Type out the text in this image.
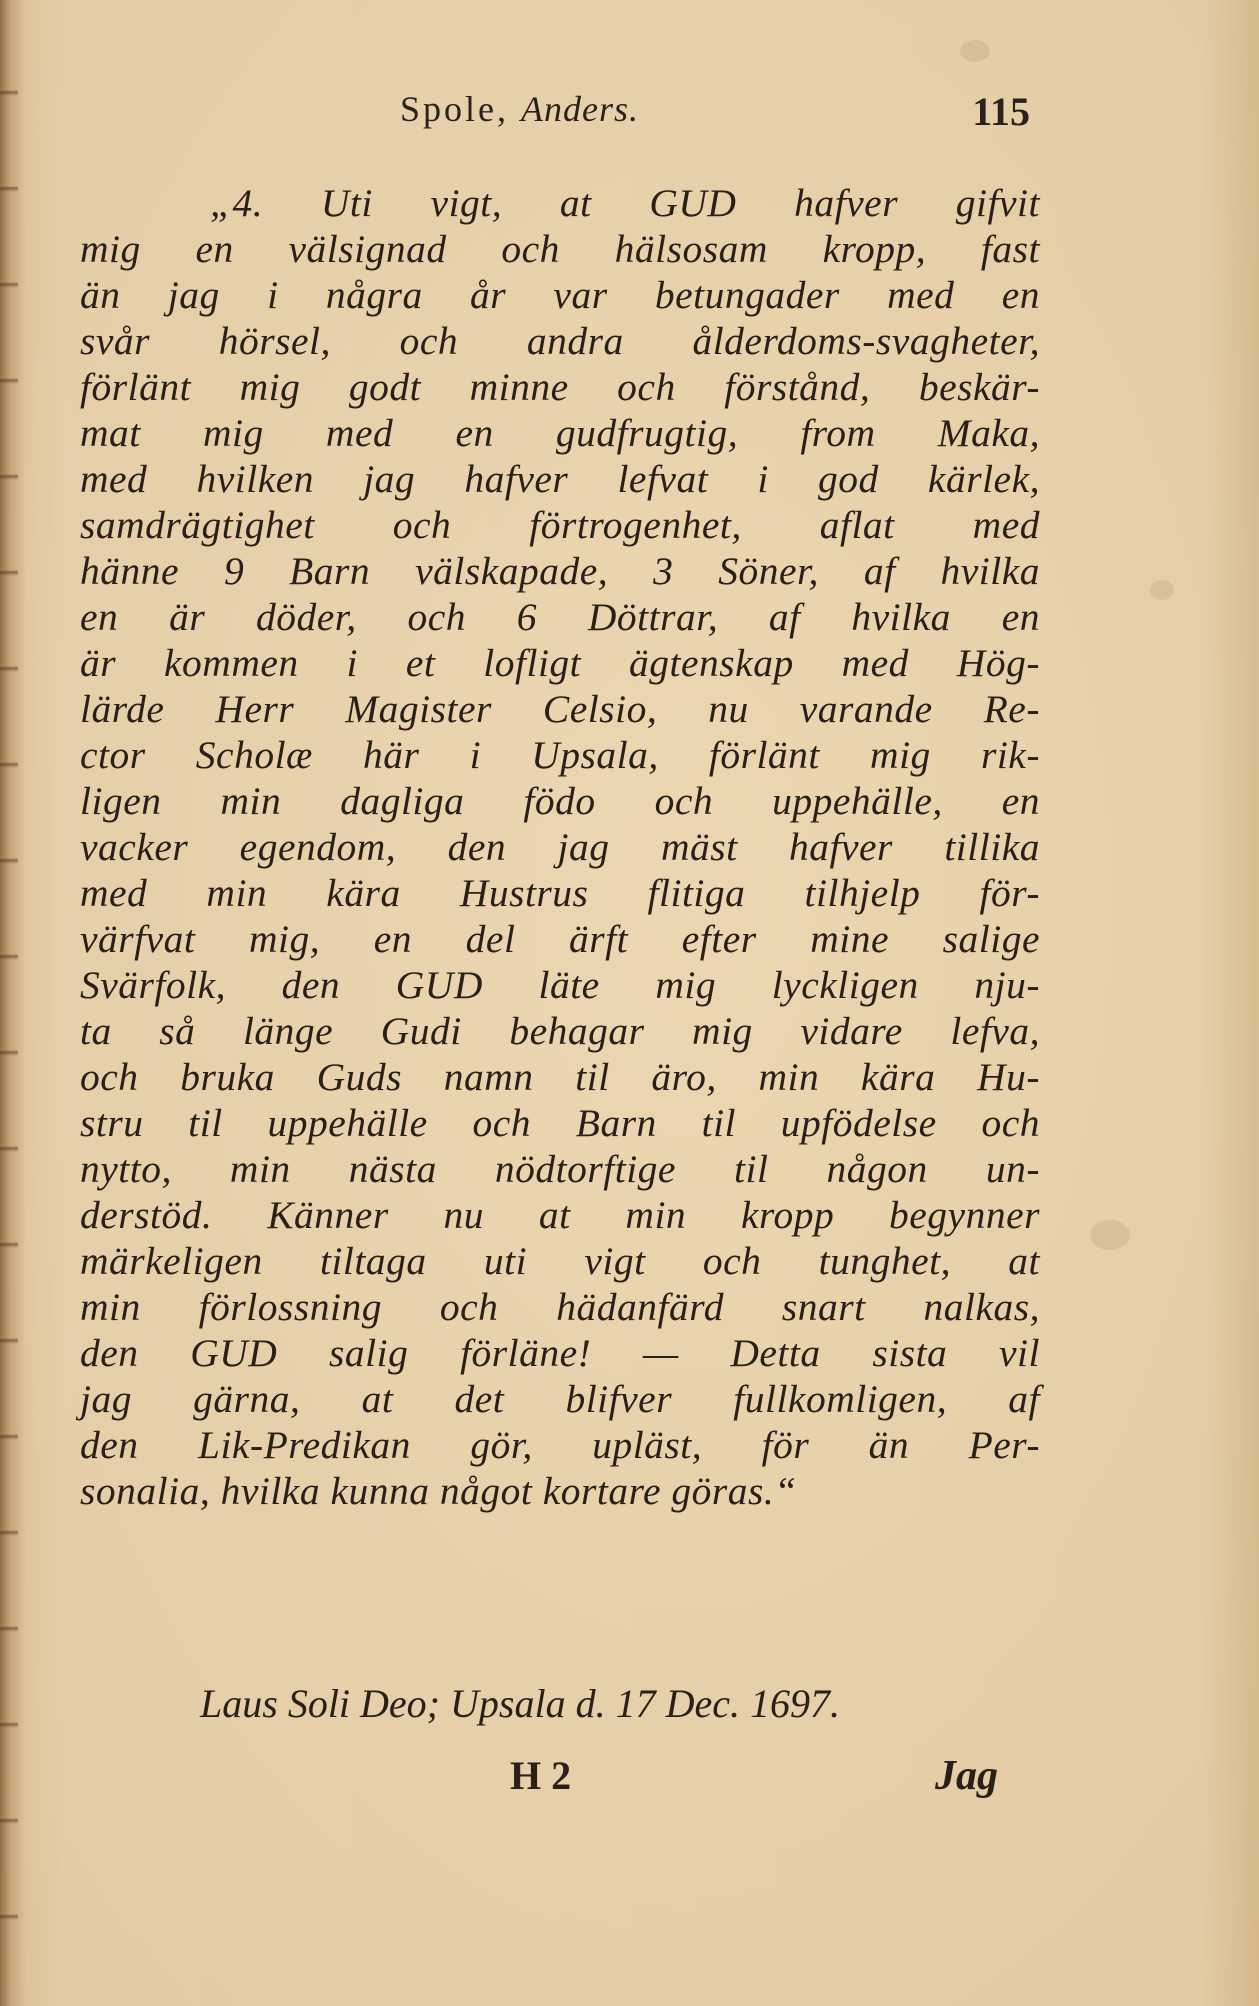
Spole, Anders.	115
„4. Uti vigt, at GUD hafver gifvit
mig en välsignad och hälsosam kropp, fast
än jag i några år var betungader med en
svår hörsel, och andra ålderdoms-svagheter,
förlänt mig godt minne och förstånd, beskär-
mat mig med en gudfrugtig, from Maka,
med hvilken jag hafver lefvat i god kärlek,
samdrägtighet och förtrogenhet, aflat med
hänne 9 Barn välskapade, 3 Söner, af hvilka
en är döder, och 6 Döttrar, af hvilka en
är kommen i et lofligt ägtenskap med Hög-
lärde Herr Magister Celsio, nu varande Re-
ctor Scholæ här i Upsala, förlänt mig rik-
ligen min dagliga födo och uppehälle, en
vacker egendom, den jag mäst hafver tillika
med min kära Hustrus flitiga tilhjelp för-
värfvat mig, en del ärft efter mine salige
Svärfolk, den GUD läte mig lyckligen nju-
ta så länge Gudi behagar mig vidare lefva,
och bruka Guds namn til äro, min kära Hu-
stru til uppehälle och Barn til upfödelse och
nytto, min nästa nödtorftige til någon un-
derstöd. Känner nu at min kropp begynner
märkeligen tiltaga uti vigt och tunghet, at
min förlossning och hädanfärd snart nalkas,
den GUD salig förläne! — Detta sista vil
jag gärna, at det blifver fullkomligen, af
den Lik-Predikan gör, upläst, för än Per-
sonalia, hvilka kunna något kortare göras.“
Laus Soli Deo; Upsala d. 17 Dec. 1697.
H 2	Jag
